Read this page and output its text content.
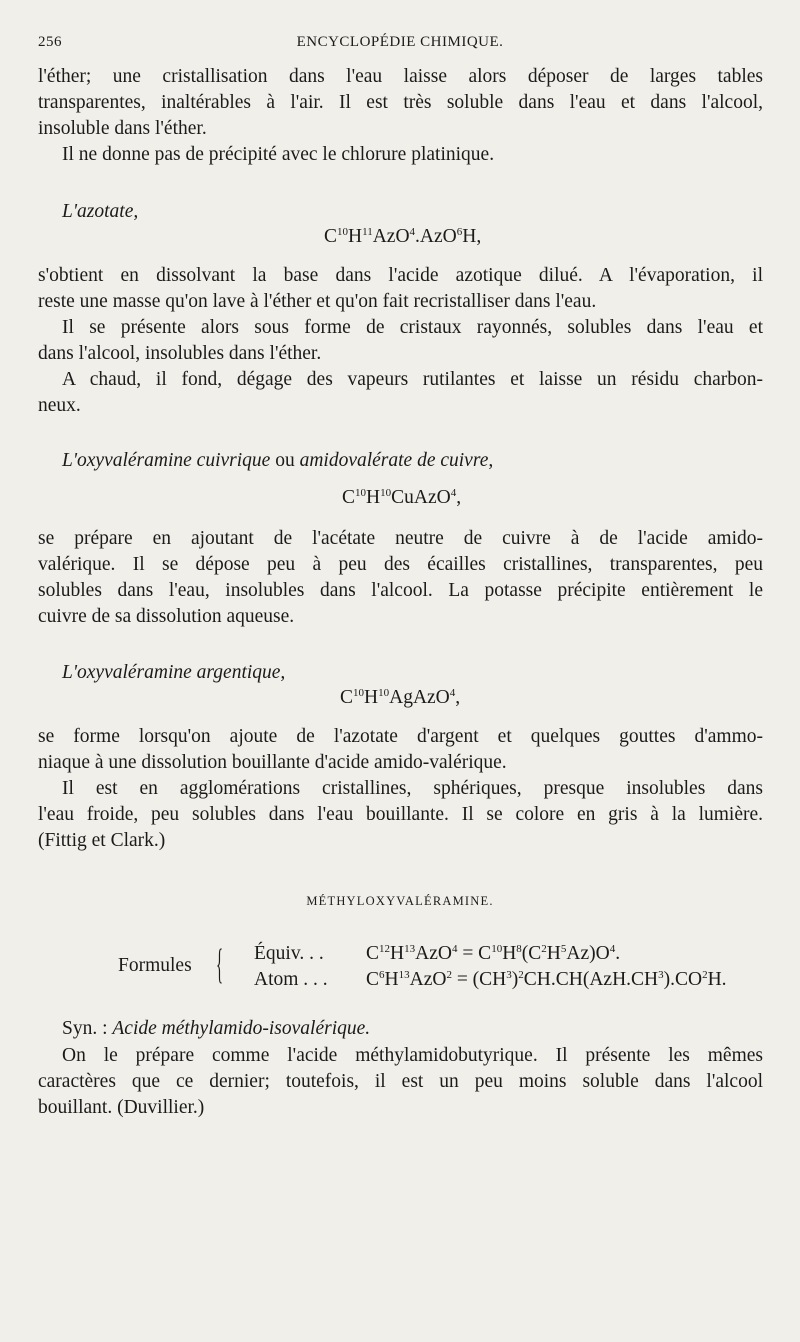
256	ENCYCLOPÉDIE CHIMIQUE.
l'éther; une cristallisation dans l'eau laisse alors déposer de larges tables
transparentes, inaltérables à l'air. Il est très soluble dans l'eau et dans l'alcool,
insoluble dans l'éther.
Il ne donne pas de précipité avec le chlorure platinique.
L'azotate,
$C^{10}H^{11}AzO^4.AzO^6H$,
s'obtient en dissolvant la base dans l'acide azotique dilué. A l'évaporation, il
reste une masse qu'on lave à l'éther et qu'on fait recristalliser dans l'eau.
Il se présente alors sous forme de cristaux rayonnés, solubles dans l'eau et
dans l'alcool, insolubles dans l'éther.
A chaud, il fond, dégage des vapeurs rutilantes et laisse un résidu charbon-
neux.
L'oxyvaléramine cuivrique ou amidovalérate de cuivre,
$C^{10}H^{10}CuAzO^4$,
se prépare en ajoutant de l'acétate neutre de cuivre à de l'acide amido-
valérique. Il se dépose peu à peu des écailles cristallines, transparentes, peu
solubles dans l'eau, insolubles dans l'alcool. La potasse précipite entièrement le
cuivre de sa dissolution aqueuse.
L'oxyvaléramine argentique,
$C^{10}H^{10}AgAzO^4$,
se forme lorsqu'on ajoute de l'azotate d'argent et quelques gouttes d'ammo-
niaque à une dissolution bouillante d'acide amido-valérique.
Il est en agglomérations cristallines, sphériques, presque insolubles dans
l'eau froide, peu solubles dans l'eau bouillante. Il se colore en gris à la lumière.
(Fittig et Clark.)
MÉTHYLOXYVALÉRAMINE.
Formules { Équiv. . . $C^{12}H^{13}AzO^4 = C^{10}H^8(C^2H^5Az)O^4$.
Atom . . . $C^6H^{13}AzO^2 = (CH^3)^2CH.CH(AzH.CH^3).CO^2H$.
Syn. : Acide méthylamido-isovalérique.
On le prépare comme l'acide méthylamidobutyrique. Il présente les mêmes
caractères que ce dernier; toutefois, il est un peu moins soluble dans l'alcool
bouillant. (Duvillier.)
